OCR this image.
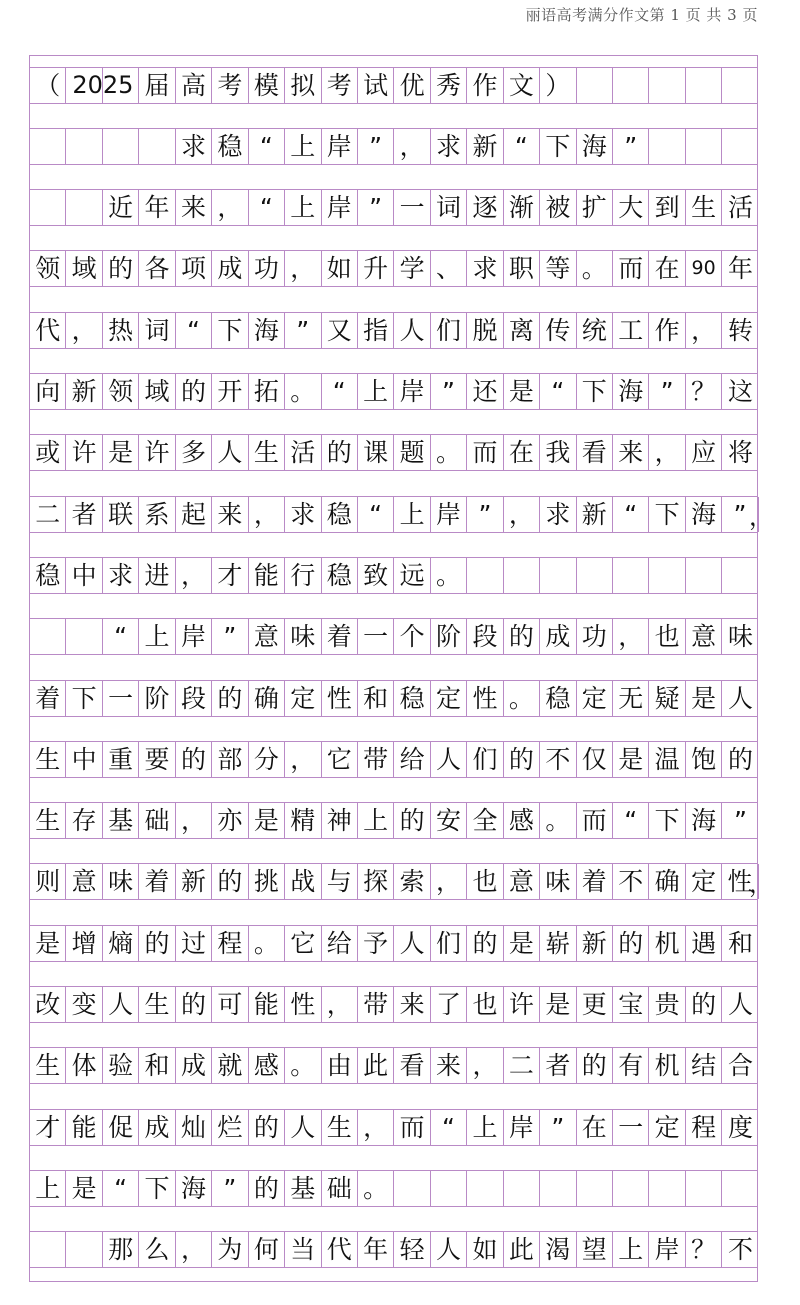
丽语高考满分作文第 1 页 共 3 页
（ 2025 届 高 考 模 拟 考 试 优 秀 作 文 ）
求 稳 “ 上 岸 ” ， 求 新 “ 下 海 ”
近 年 来 ， “ 上 岸 ” 一 词 逐 渐 被 扩 大 到 生 活
领 域 的 各 项 成 功 ， 如 升 学 、 求 职 等 。 而 在 90 年
代 ， 热 词 “ 下 海 ” 又 指 人 们 脱 离 传 统 工 作 ， 转
向 新 领 域 的 开 拓 。 “ 上 岸 ” 还 是 “ 下 海 ” ？ 这
或 许 是 许 多 人 生 活 的 课 题 。 而 在 我 看 来 ， 应 将
二 者 联 系 起 来 ， 求 稳 “ 上 岸 ” ， 求 新 “ 下 海 ” ，
稳 中 求 进 ， 才 能 行 稳 致 远 。
“ 上 岸 ” 意 味 着 一 个 阶 段 的 成 功 ， 也 意 味
着 下 一 阶 段 的 确 定 性 和 稳 定 性 。 稳 定 无 疑 是 人
生 中 重 要 的 部 分 ， 它 带 给 人 们 的 不 仅 是 温 饱 的
生 存 基 础 ， 亦 是 精 神 上 的 安 全 感 。 而 “ 下 海 ”
则 意 味 着 新 的 挑 战 与 探 索 ， 也 意 味 着 不 确 定 性
，
是 增 熵 的 过 程 。 它 给 予 人 们 的 是 崭 新 的 机 遇 和
改 变 人 生 的 可 能 性 ， 带 来 了 也 许 是 更 宝 贵 的 人
生 体 验 和 成 就 感 。 由 此 看 来 ， 二 者 的 有 机 结 合
才 能 促 成 灿 烂 的 人 生 ， 而 “ 上 岸 ” 在 一 定 程 度
上 是 “ 下 海 ” 的 基 础 。
那 么 ， 为 何 当 代 年 轻 人 如 此 渴 望 上 岸 ？ 不
